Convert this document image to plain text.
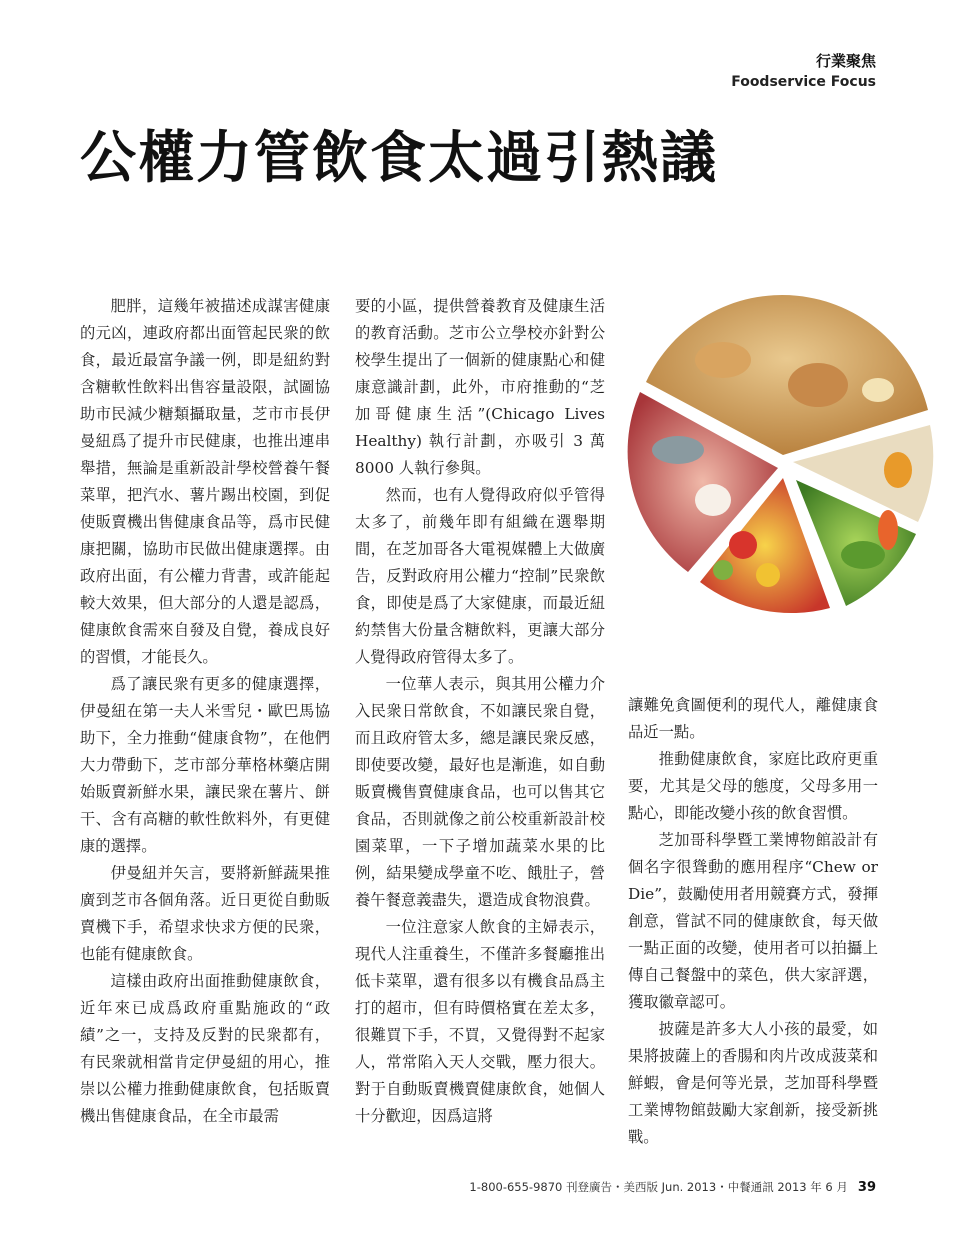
行業聚焦
Foodservice Focus
公權力管飲食太過引熱議

肥胖，這幾年被描述成謀害健康的元凶，連政府都出面管起民衆的飲食，最近最富争議一例，即是紐約對含糖軟性飲料出售容量設限，試圖協助市民減少糖類攝取量，芝市市長伊曼紐爲了提升市民健康，也推出連串舉措，無論是重新設計學校營養午餐菜單，把汽水、薯片踢出校園，到促使販賣機出售健康食品等，爲市民健康把關，協助市民做出健康選擇。由政府出面，有公權力背書，或許能起較大效果，但大部分的人還是認爲，健康飲食需來自發及自覺，養成良好的習慣，才能長久。

爲了讓民衆有更多的健康選擇，伊曼紐在第一夫人米雪兒・歐巴馬協助下，全力推動“健康食物”，在他們大力帶動下，芝市部分華格林藥店開始販賣新鮮水果，讓民衆在薯片、餅干、含有高糖的軟性飲料外，有更健康的選擇。

伊曼紐并矢言，要將新鮮蔬果推廣到芝市各個角落。近日更從自動販賣機下手，希望求快求方便的民衆，也能有健康飲食。

這樣由政府出面推動健康飲食，近年來已成爲政府重點施政的“政績”之一，支持及反對的民衆都有，有民衆就相當肯定伊曼紐的用心，推崇以公權力推動健康飲食，包括販賣機出售健康食品，在全市最需

要的小區，提供營養教育及健康生活的教育活動。芝市公立學校亦針對公校學生提出了一個新的健康點心和健康意識計劃，此外，市府推動的“芝加哥健康生活”(Chicago Lives Healthy) 執行計劃，亦吸引 3 萬 8000 人執行參與。

然而，也有人覺得政府似乎管得太多了，前幾年即有組織在選舉期間，在芝加哥各大電視媒體上大做廣告，反對政府用公權力“控制”民衆飲食，即使是爲了大家健康，而最近紐約禁售大份量含糖飲料，更讓大部分人覺得政府管得太多了。

一位華人表示，與其用公權力介入民衆日常飲食，不如讓民衆自覺，而且政府管太多，總是讓民衆反感，即使要改變，最好也是漸進，如自動販賣機售賣健康食品，也可以售其它食品，否則就像之前公校重新設計校園菜單，一下子增加蔬菜水果的比例，結果變成學童不吃、餓肚子，營養午餐意義盡失，還造成食物浪費。

一位注意家人飲食的主婦表示，現代人注重養生，不僅許多餐廳推出低卡菜單，還有很多以有機食品爲主打的超市，但有時價格實在差太多，很難買下手，不買，又覺得對不起家人，常常陷入天人交戰，壓力很大。對于自動販賣機賣健康飲食，她個人十分歡迎，因爲這將

讓難免貪圖便利的現代人，離健康食品近一點。

推動健康飲食，家庭比政府更重要，尤其是父母的態度，父母多用一點心，即能改變小孩的飲食習慣。

芝加哥科學暨工業博物館設計有個名字很聳動的應用程序“Chew or Die”，鼓勵使用者用競賽方式，發揮創意，嘗試不同的健康飲食，每天做一點正面的改變，使用者可以拍攝上傳自己餐盤中的菜色，供大家評選，獲取徽章認可。

披薩是許多大人小孩的最愛，如果將披薩上的香腸和肉片改成菠菜和鮮蝦，會是何等光景，芝加哥科學暨工業博物館鼓勵大家創新，接受新挑戰。

1-800-655-9870 刊登廣告・美西版 Jun. 2013・中餐通訊 2013 年 6 月 39
